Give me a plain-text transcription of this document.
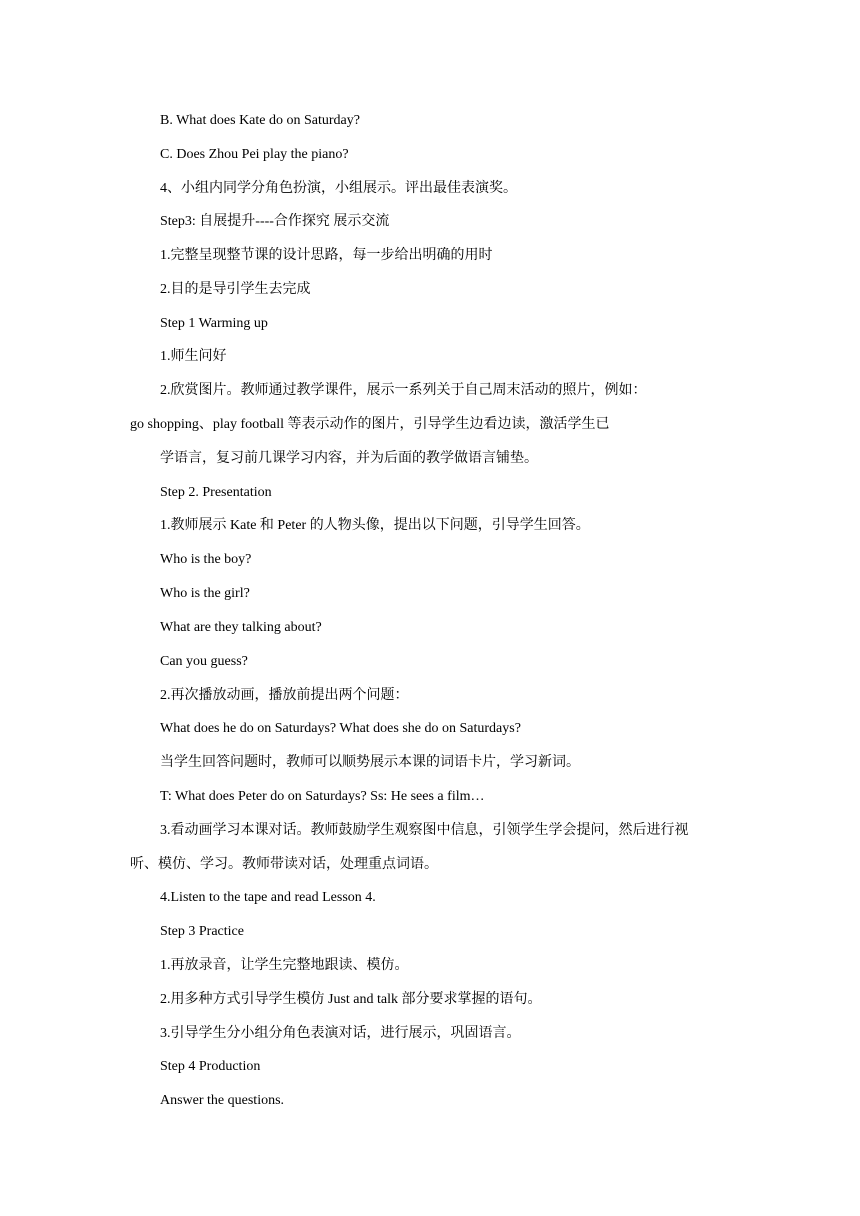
B. What does Kate do on Saturday?
C. Does Zhou Pei play the piano?
4、小组内同学分角色扮演，小组展示。评出最佳表演奖。
Step3: 自展提升----合作探究 展示交流
1.完整呈现整节课的设计思路，每一步给出明确的用时
2.目的是导引学生去完成
Step 1 Warming up
1.师生问好
2.欣赏图片。教师通过教学课件，展示一系列关于自己周末活动的照片，例如：
go shopping、play football 等表示动作的图片，引导学生边看边读，激活学生已
学语言，复习前几课学习内容，并为后面的教学做语言铺垫。
Step 2. Presentation
1.教师展示 Kate 和 Peter 的人物头像，提出以下问题，引导学生回答。
Who is the boy?
Who is the girl?
What are they talking about?
Can you guess?
2.再次播放动画，播放前提出两个问题：
What does he do on Saturdays? What does she do on Saturdays?
当学生回答问题时，教师可以顺势展示本课的词语卡片，学习新词。
T: What does Peter do on Saturdays? Ss: He sees a film…
3.看动画学习本课对话。教师鼓励学生观察图中信息，引领学生学会提问，然后进行视
听、模仿、学习。教师带读对话，处理重点词语。
4.Listen to the tape and read Lesson 4.
Step 3 Practice
1.再放录音，让学生完整地跟读、模仿。
2.用多种方式引导学生模仿 Just and talk 部分要求掌握的语句。
3.引导学生分小组分角色表演对话，进行展示，巩固语言。
Step 4 Production
Answer the questions.
